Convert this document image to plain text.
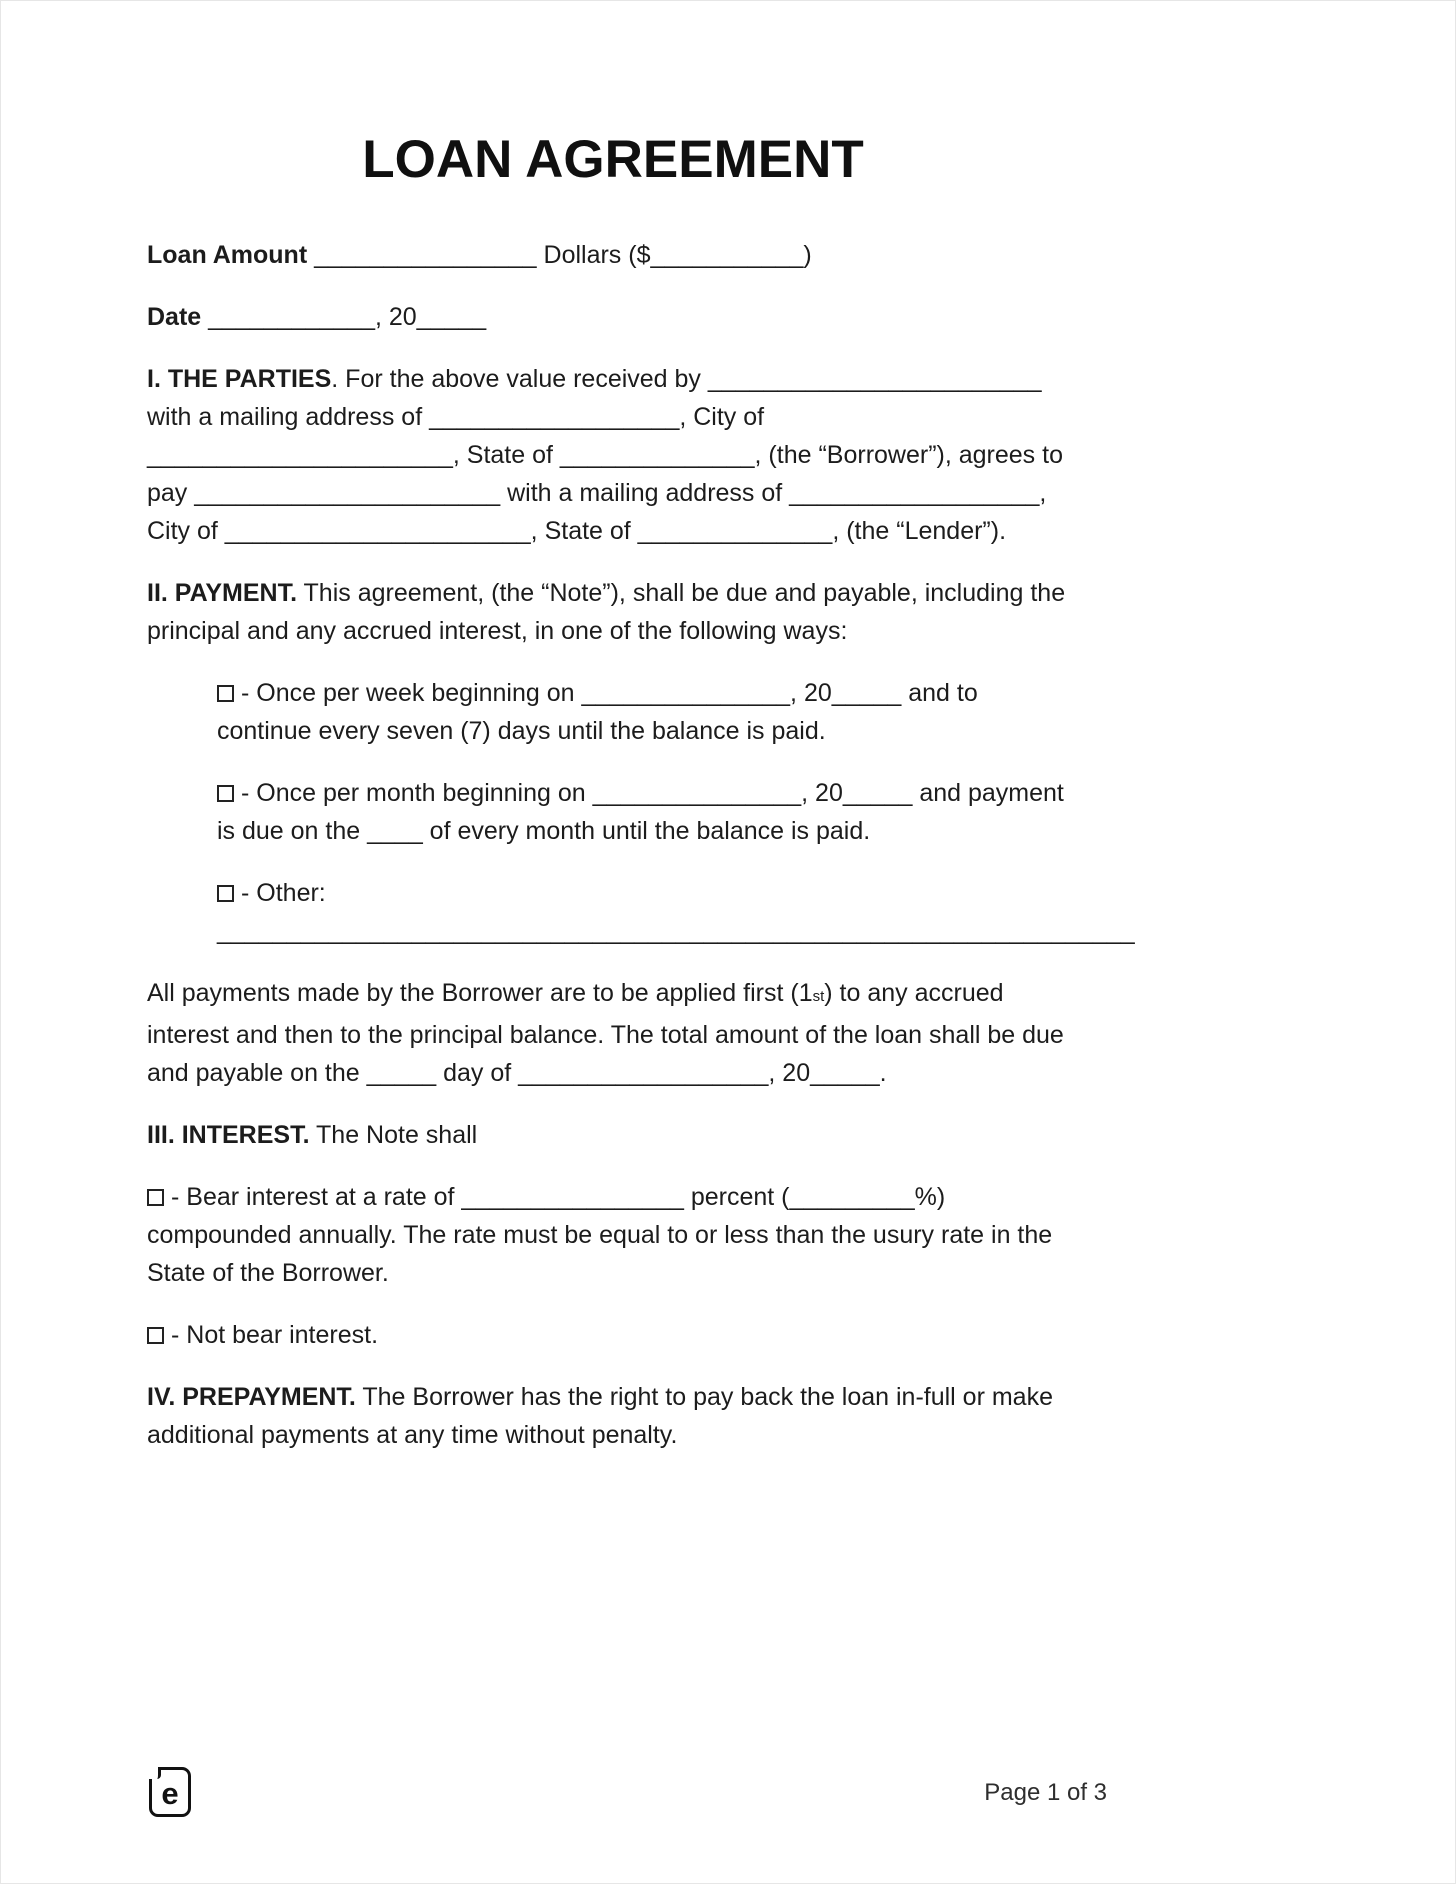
LOAN AGREEMENT

Loan Amount ________________ Dollars ($___________)

Date ____________, 20_____

I. THE PARTIES. For the above value received by ________________________ with a mailing address of __________________, City of ______________________, State of ______________, (the “Borrower”), agrees to pay ______________________ with a mailing address of __________________, City of ______________________, State of ______________, (the “Lender”).

II. PAYMENT. This agreement, (the “Note”), shall be due and payable, including the principal and any accrued interest, in one of the following ways:

- Once per week beginning on _______________, 20_____ and to continue every seven (7) days until the balance is paid.

- Once per month beginning on _______________, 20_____ and payment is due on the ____ of every month until the balance is paid.

- Other: __________________________________________________________________

All payments made by the Borrower are to be applied first (1st) to any accrued interest and then to the principal balance. The total amount of the loan shall be due and payable on the _____ day of __________________, 20_____.

III. INTEREST. The Note shall

- Bear interest at a rate of ________________ percent (_________%) compounded annually. The rate must be equal to or less than the usury rate in the State of the Borrower.

- Not bear interest.

IV. PREPAYMENT. The Borrower has the right to pay back the loan in-full or make additional payments at any time without penalty.

e	Page 1 of 3
